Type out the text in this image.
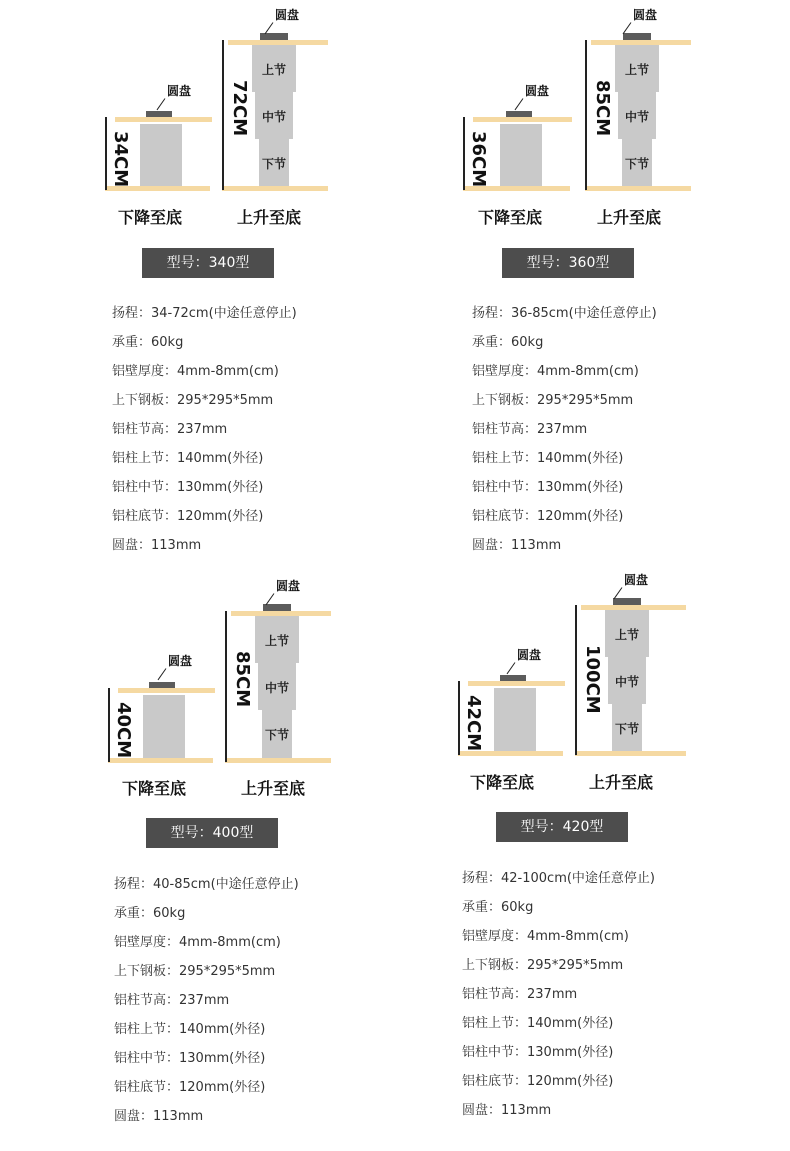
34CM
圆盘
上节
中节
下节
72CM
圆盘
下降至底	上升至底
型号：340型
扬程：34-72cm(中途任意停止)
承重：60kg
铝壁厚度：4mm-8mm(cm)
上下钢板：295*295*5mm
铝柱节高：237mm
铝柱上节：140mm(外径)
铝柱中节：130mm(外径)
铝柱底节：120mm(外径)
圆盘：113mm
36CM
圆盘
上节
中节
下节
85CM
圆盘
下降至底	上升至底
型号：360型
扬程：36-85cm(中途任意停止)
承重：60kg
铝壁厚度：4mm-8mm(cm)
上下钢板：295*295*5mm
铝柱节高：237mm
铝柱上节：140mm(外径)
铝柱中节：130mm(外径)
铝柱底节：120mm(外径)
圆盘：113mm
40CM
圆盘
上节
中节
下节
85CM
圆盘
下降至底	上升至底
型号：400型
扬程：40-85cm(中途任意停止)
承重：60kg
铝壁厚度：4mm-8mm(cm)
上下钢板：295*295*5mm
铝柱节高：237mm
铝柱上节：140mm(外径)
铝柱中节：130mm(外径)
铝柱底节：120mm(外径)
圆盘：113mm
42CM
圆盘
上节
中节
下节
100CM
圆盘
下降至底	上升至底
型号：420型
扬程：42-100cm(中途任意停止)
承重：60kg
铝壁厚度：4mm-8mm(cm)
上下钢板：295*295*5mm
铝柱节高：237mm
铝柱上节：140mm(外径)
铝柱中节：130mm(外径)
铝柱底节：120mm(外径)
圆盘：113mm
